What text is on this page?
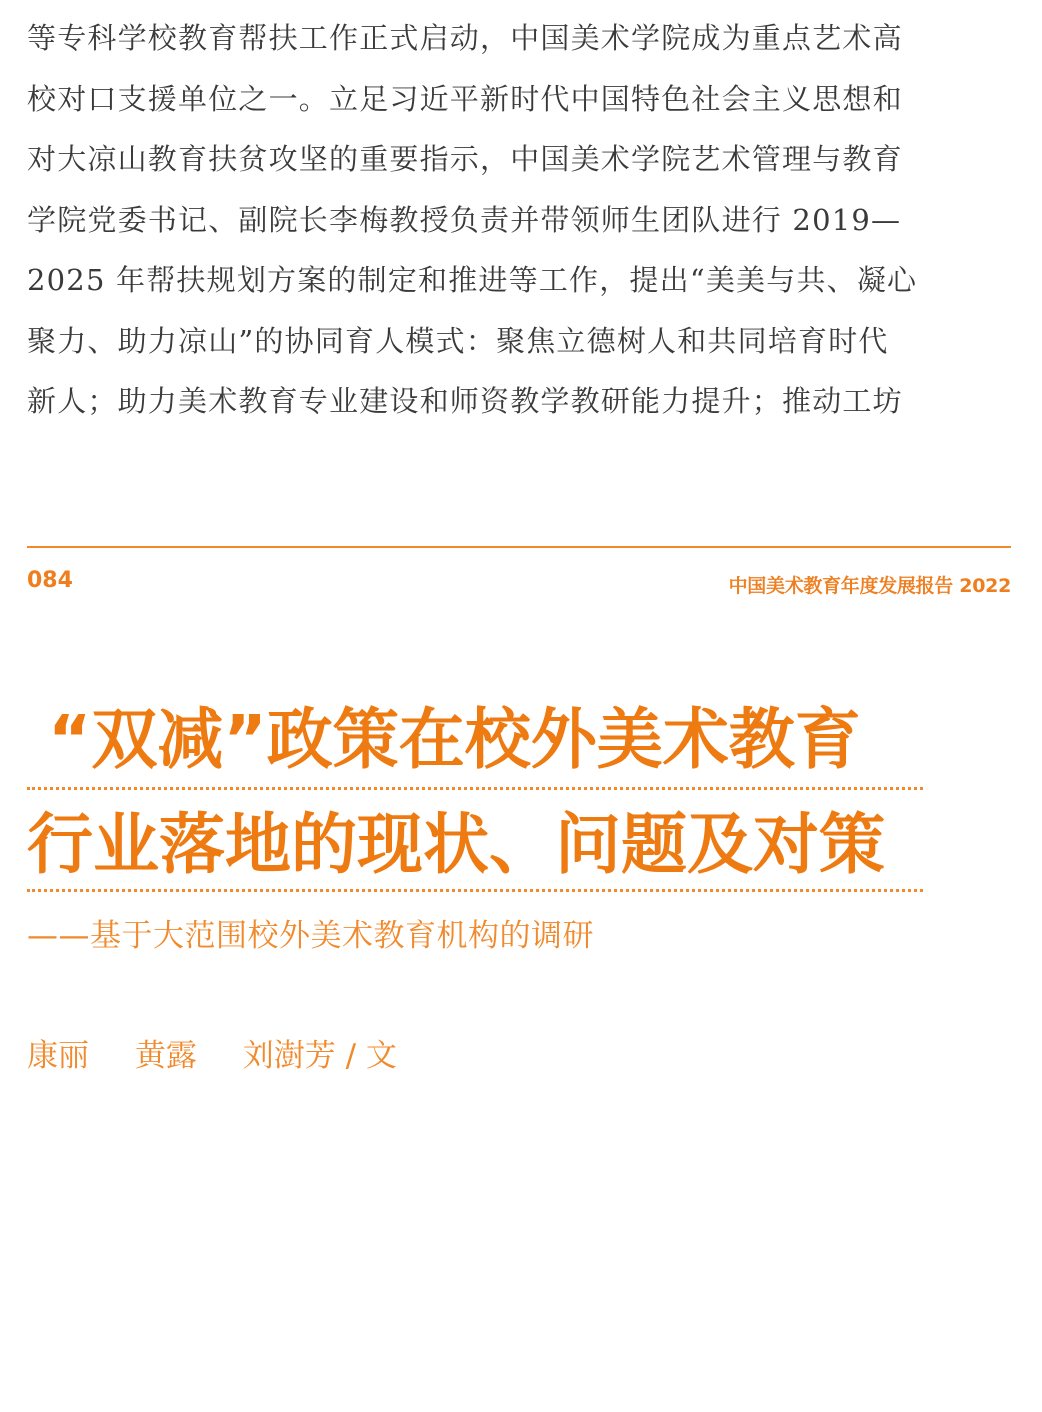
等专科学校教育帮扶工作正式启动，中国美术学院成为重点艺术高
校对口支援单位之一。立足习近平新时代中国特色社会主义思想和
对大凉山教育扶贫攻坚的重要指示，中国美术学院艺术管理与教育
学院党委书记、副院长李梅教授负责并带领师生团队进行 2019—
2025 年帮扶规划方案的制定和推进等工作，提出“美美与共、凝心
聚力、助力凉山”的协同育人模式：聚焦立德树人和共同培育时代
新人；助力美术教育专业建设和师资教学教研能力提升；推动工坊
084	中国美术教育年度发展报告 2022
“双减”政策在校外美术教育
行业落地的现状、问题及对策
——基于大范围校外美术教育机构的调研
康丽 黄露 刘澍芳 / 文
